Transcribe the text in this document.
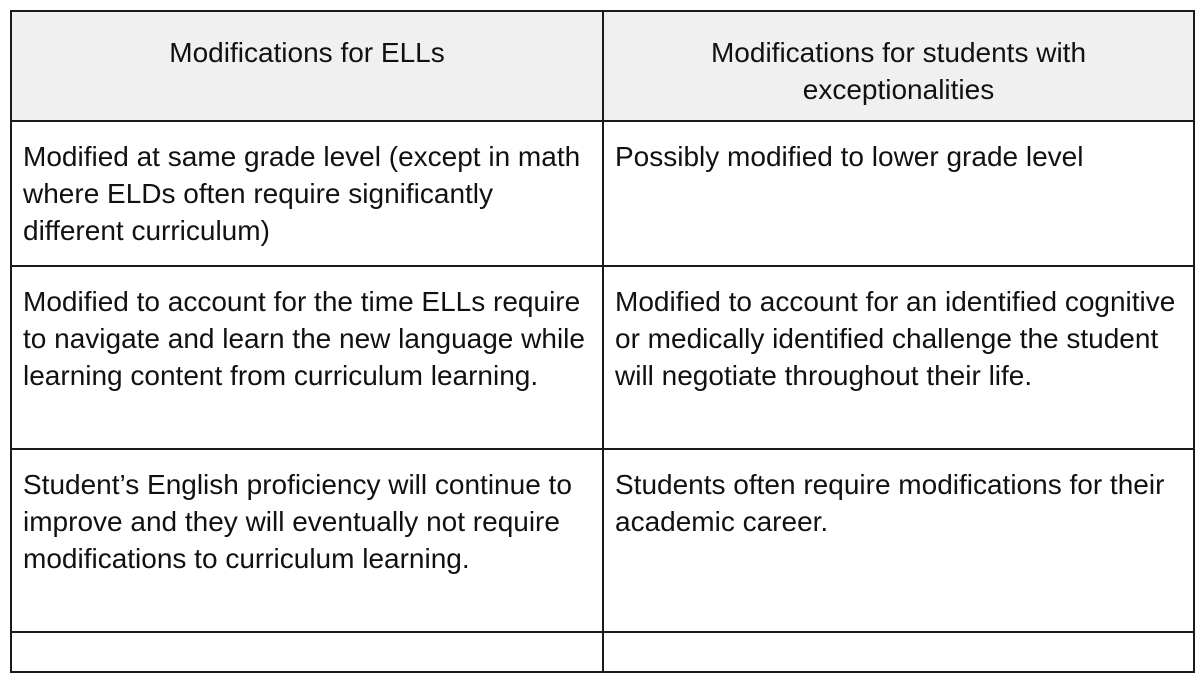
Modifications for ELLs	Modifications for students with exceptionalities
Modified at same grade level (except in math where ELDs often require significantly different curriculum)	Possibly modified to lower grade level
Modified to account for the time ELLs require to navigate and learn the new language while learning content from curriculum learning.	Modified to account for an identified cognitive or medically identified challenge the student will negotiate throughout their life.
Student’s English proficiency will continue to improve and they will eventually not require modifications to curriculum learning.	Students often require modifications for their academic career.
